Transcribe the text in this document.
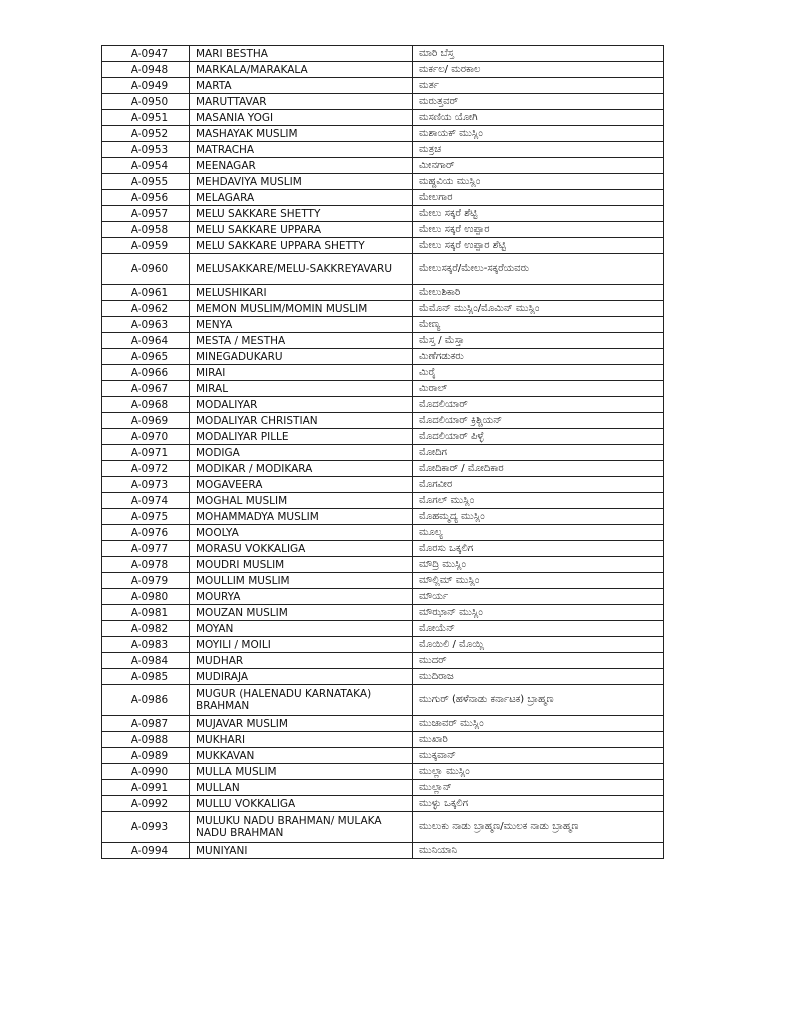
A-0947	MARI BESTHA	ಮಾರಿ ಬೆಸ್ತ
A-0948	MARKALA/MARAKALA	ಮರ್ಕಲ/ ಮರಕಾಲ
A-0949	MARTA	ಮರ್ತ
A-0950	MARUTTAVAR	ಮರುತ್ತವರ್
A-0951	MASANIA YOGI	ಮಸಣಿಯ ಯೋಗಿ
A-0952	MASHAYAK MUSLIM	ಮಶಾಯಕ್ ಮುಸ್ಲಿಂ
A-0953	MATRACHA	ಮತ್ರಚ
A-0954	MEENAGAR	ಮೀನಗಾರ್
A-0955	MEHDAVIYA MUSLIM	ಮಹ್ದವಿಯ ಮುಸ್ಲಿಂ
A-0956	MELAGARA	ಮೇಲಗಾರ
A-0957	MELU SAKKARE SHETTY	ಮೇಲು ಸಕ್ಕರೆ ಶೆಟ್ಟಿ
A-0958	MELU SAKKARE UPPARA	ಮೇಲು ಸಕ್ಕರೆ ಉಪ್ಪಾರ
A-0959	MELU SAKKARE UPPARA SHETTY	ಮೇಲು ಸಕ್ಕರೆ ಉಪ್ಪಾರ ಶೆಟ್ಟಿ
A-0960	MELUSAKKARE/MELU-SAKKREYAVARU	ಮೇಲುಸಕ್ಕರೆ/ಮೇಲು-ಸಕ್ಕರೆಯವರು
A-0961	MELUSHIKARI	ಮೇಲುಶಿಕಾರಿ
A-0962	MEMON MUSLIM/MOMIN MUSLIM	ಮೆಮೊನ್ ಮುಸ್ಲಿಂ/ಮೊಮಿನ್ ಮುಸ್ಲಿಂ
A-0963	MENYA	ಮೇಣ್ಯ
A-0964	MESTA / MESTHA	ಮೆಸ್ತ / ಮೆಸ್ತಾ
A-0965	MINEGADUKARU	ಮಿಣೆಗಡುಕರು
A-0966	MIRAI	ಮಿರೈ
A-0967	MIRAL	ಮಿರಾಲ್
A-0968	MODALIYAR	ಮೊದಲಿಯಾರ್
A-0969	MODALIYAR CHRISTIAN	ಮೊದಲಿಯಾರ್ ಕ್ರಿಶ್ಚಿಯನ್
A-0970	MODALIYAR PILLE	ಮೊದಲಿಯಾರ್ ಪಿಳ್ಳೆ
A-0971	MODIGA	ಮೋದಿಗ
A-0972	MODIKAR / MODIKARA	ಮೋದಿಕಾರ್ / ಮೋದಿಕಾರ
A-0973	MOGAVEERA	ಮೊಗವೀರ
A-0974	MOGHAL MUSLIM	ಮೊಗಲ್ ಮುಸ್ಲಿಂ
A-0975	MOHAMMADYA MUSLIM	ಮೊಹಮ್ಮದ್ಯ ಮುಸ್ಲಿಂ
A-0976	MOOLYA	ಮೂಲ್ಯ
A-0977	MORASU VOKKALIGA	ಮೊರಸು ಒಕ್ಕಲಿಗ
A-0978	MOUDRI MUSLIM	ಮೌದ್ರಿ ಮುಸ್ಲಿಂ
A-0979	MOULLIM MUSLIM	ಮೌಲ್ಲಿಮ್ ಮುಸ್ಲಿಂ
A-0980	MOURYA	ಮೌರ್ಯ
A-0981	MOUZAN MUSLIM	ಮೌಝಾನ್ ಮುಸ್ಲಿಂ
A-0982	MOYAN	ಮೋಯೆನ್
A-0983	MOYILI / MOILI	ಮೊಯಿಲಿ / ಮೊಯ್ಲಿ
A-0984	MUDHAR	ಮುದರ್
A-0985	MUDIRAJA	ಮುದಿರಾಜ
A-0986	MUGUR (HALENADU KARNATAKA) BRAHMAN	ಮುಗುರ್ (ಹಳೆನಾಡು ಕರ್ನಾಟಕ) ಬ್ರಾಹ್ಮಣ
A-0987	MUJAVAR MUSLIM	ಮುಜಾವರ್ ಮುಸ್ಲಿಂ
A-0988	MUKHARI	ಮುಖಾರಿ
A-0989	MUKKAVAN	ಮುಕ್ಕವಾನ್
A-0990	MULLA MUSLIM	ಮುಲ್ಲಾ ಮುಸ್ಲಿಂ
A-0991	MULLAN	ಮುಲ್ಲಾನ್
A-0992	MULLU VOKKALIGA	ಮುಳ್ಳು ಒಕ್ಕಲಿಗ
A-0993	MULUKU NADU BRAHMAN/ MULAKA NADU BRAHMAN	ಮುಲುಕು ನಾಡು ಬ್ರಾಹ್ಮಣ/ಮುಲಕ ನಾಡು ಬ್ರಾಹ್ಮಣ
A-0994	MUNIYANI	ಮುನಿಯಾನಿ
